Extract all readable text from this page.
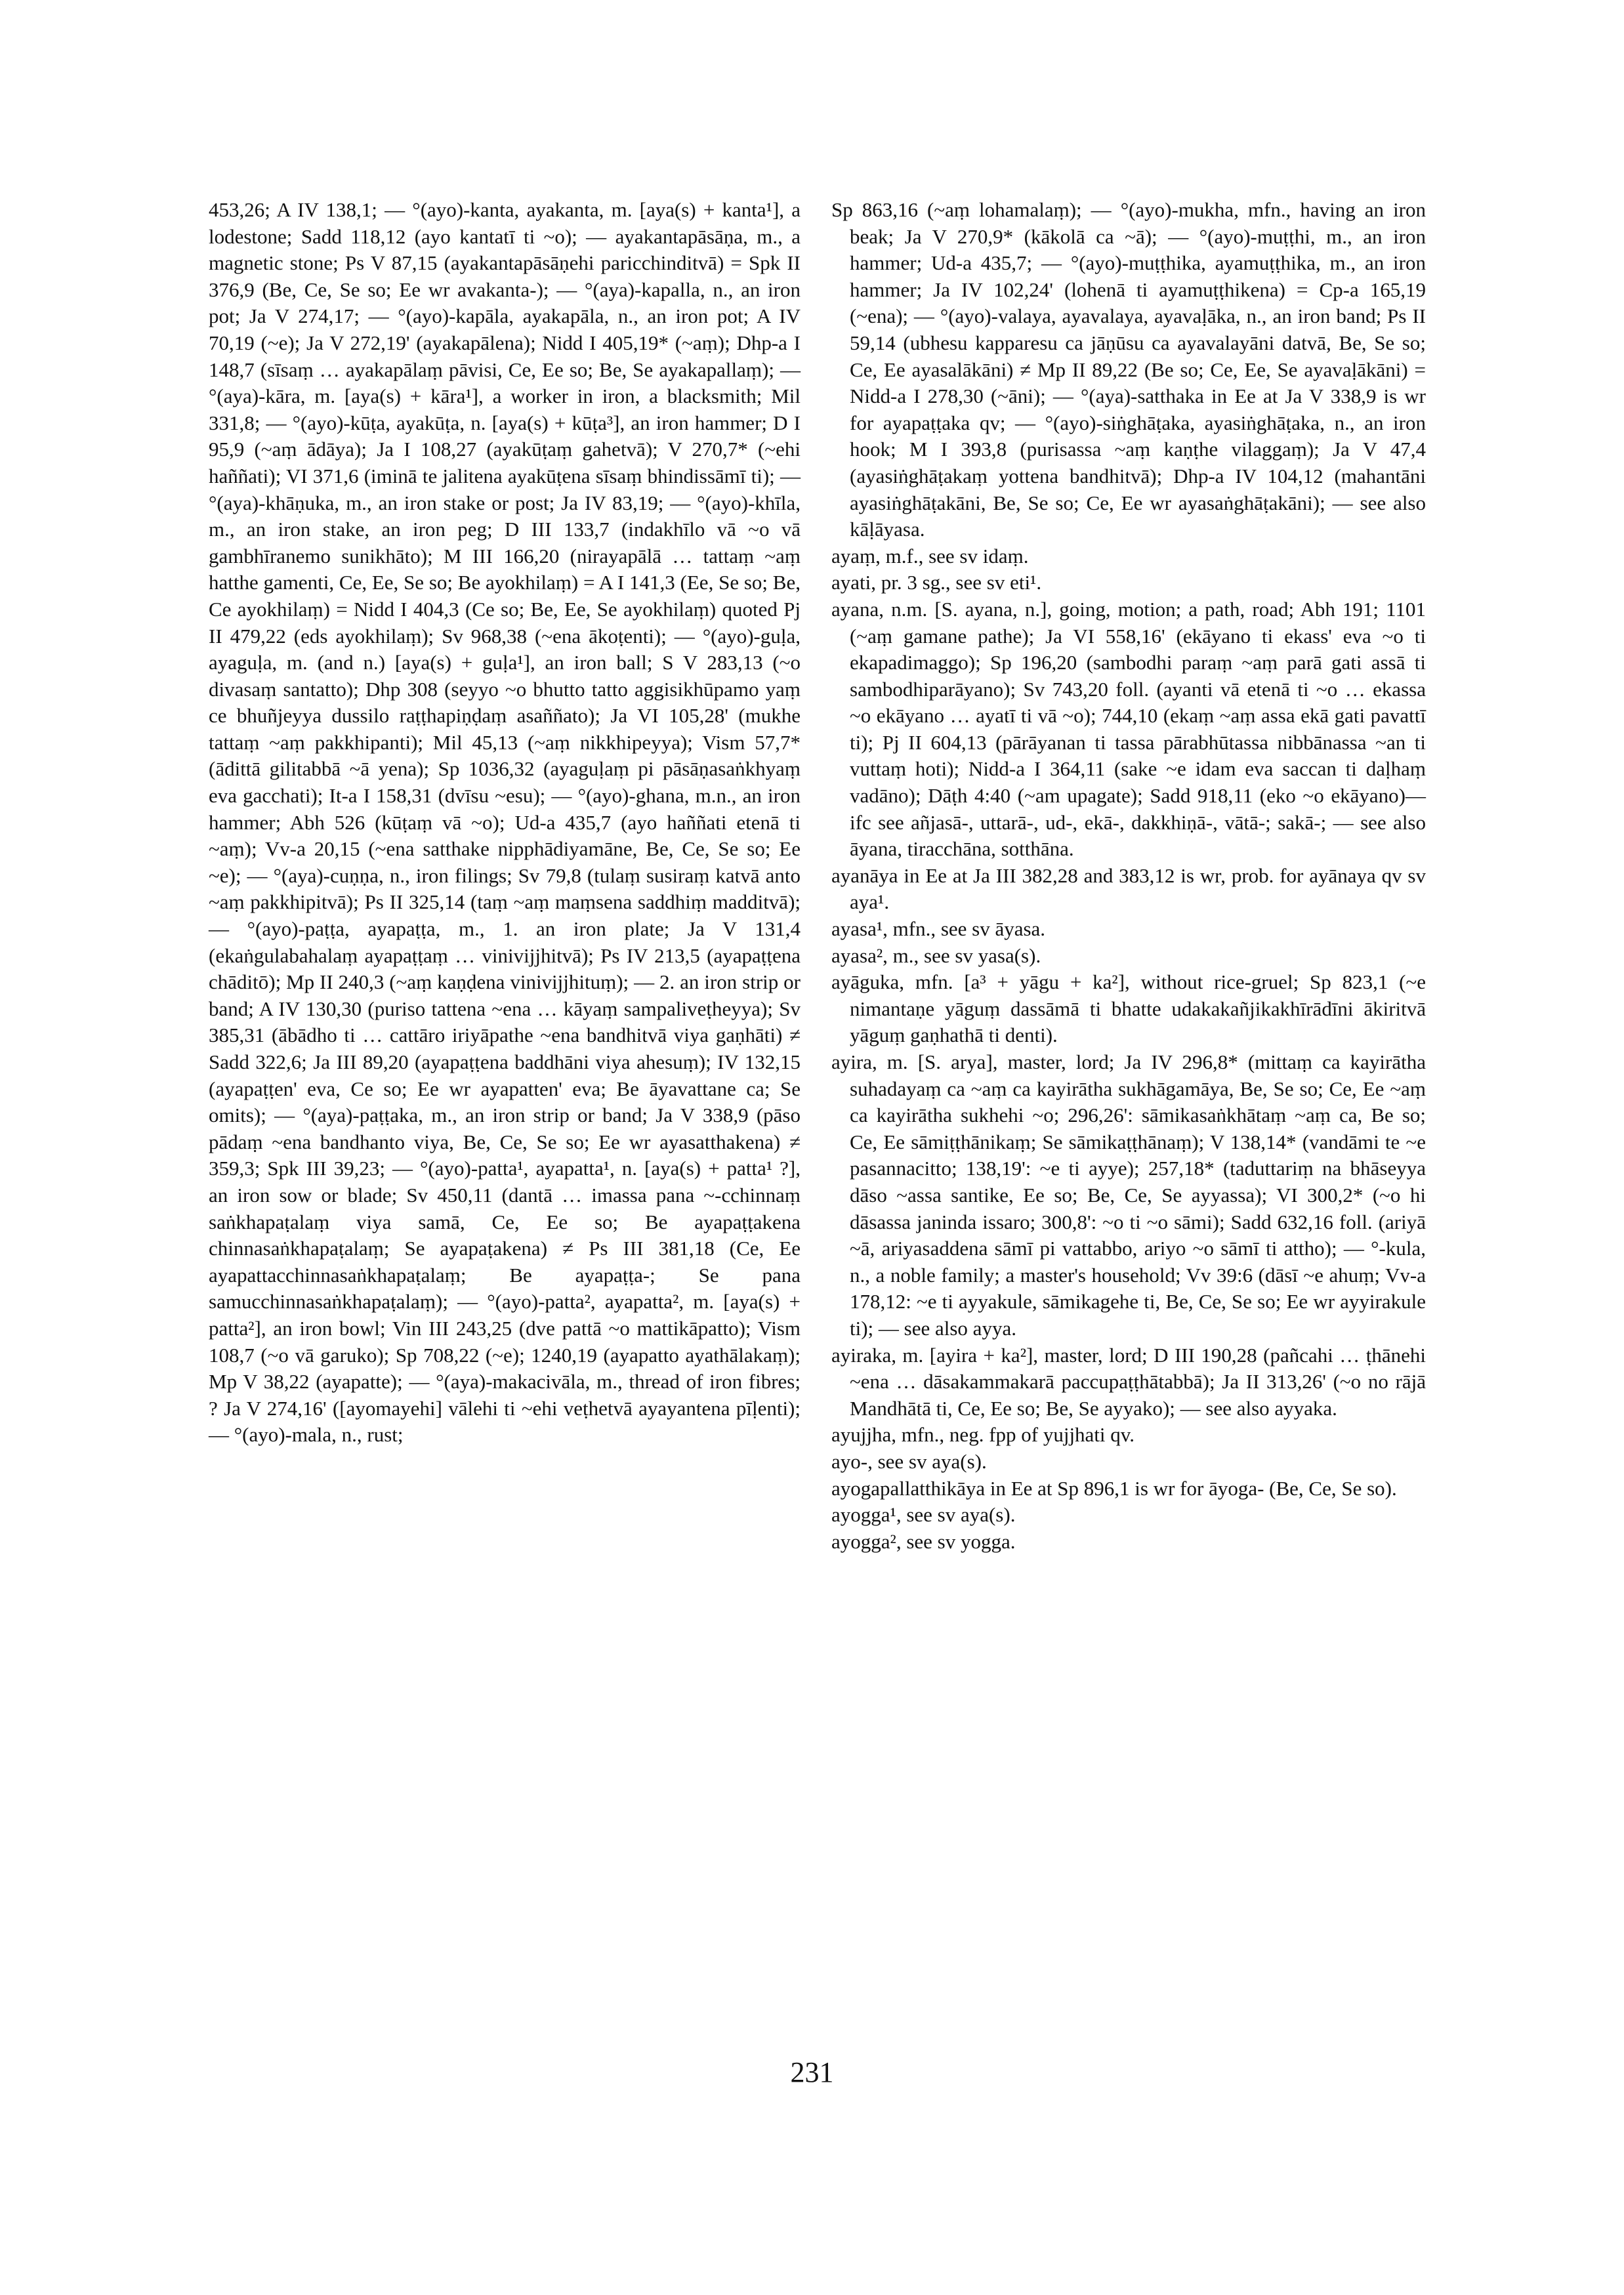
453,26; A IV 138,1; — °(ayo)-kanta, ayakanta, m. [aya(s) + kanta¹], a lodestone; Sadd 118,12 (ayo kantatī ti ~o); — ayakantapāsāṇa, m., a magnetic stone; Ps V 87,15 (ayakantapāsāṇehi paricchinditvā) = Spk II 376,9 (Be, Ce, Se so; Ee wr avakanta-); — °(aya)-kapalla, n., an iron pot; Ja V 274,17; — °(ayo)-kapāla, ayakapāla, n., an iron pot; A IV 70,19 (~e); Ja V 272,19' (ayakapālena); Nidd I 405,19* (~aṃ); Dhp-a I 148,7 (sīsaṃ … ayakapālaṃ pāvisi, Ce, Ee so; Be, Se ayakapallaṃ); — °(aya)-kāra, m. [aya(s) + kāra¹], a worker in iron, a blacksmith; Mil 331,8; — °(ayo)-kūṭa, ayakūṭa, n. [aya(s) + kūṭa³], an iron hammer; D I 95,9 (~aṃ ādāya); Ja I 108,27 (ayakūṭaṃ gahetvā); V 270,7* (~ehi haññati); VI 371,6 (iminā te jalitena ayakūṭena sīsaṃ bhindissāmī ti); — °(aya)-khāṇuka, m., an iron stake or post; Ja IV 83,19; — °(ayo)-khīla, m., an iron stake, an iron peg; D III 133,7 (indakhīlo vā ~o vā gambhīranemo sunikhāto); M III 166,20 (nirayapālā … tattaṃ ~aṃ hatthe gamenti, Ce, Ee, Se so; Be ayokhilaṃ) = A I 141,3 (Ee, Se so; Be, Ce ayokhilaṃ) = Nidd I 404,3 (Ce so; Be, Ee, Se ayokhilaṃ) quoted Pj II 479,22 (eds ayokhilaṃ); Sv 968,38 (~ena ākoṭenti); — °(ayo)-guḷa, ayaguḷa, m. (and n.) [aya(s) + guḷa¹], an iron ball; S V 283,13 (~o divasaṃ santatto); Dhp 308 (seyyo ~o bhutto tatto aggisikhūpamo yaṃ ce bhuñjeyya dussilo raṭṭhapiṇḍaṃ asaññato); Ja VI 105,28' (mukhe tattaṃ ~aṃ pakkhipanti); Mil 45,13 (~aṃ nikkhipeyya); Vism 57,7* (ādittā gilitabbā ~ā yena); Sp 1036,32 (ayaguḷaṃ pi pāsāṇasaṅkhyaṃ eva gacchati); It-a I 158,31 (dvīsu ~esu); — °(ayo)-ghana, m.n., an iron hammer; Abh 526 (kūṭaṃ vā ~o); Ud-a 435,7 (ayo haññati etenā ti ~aṃ); Vv-a 20,15 (~ena satthake nipphādiyamāne, Be, Ce, Se so; Ee ~e); — °(aya)-cuṇṇa, n., iron filings; Sv 79,8 (tulaṃ susiraṃ katvā anto ~aṃ pakkhipitvā); Ps II 325,14 (taṃ ~aṃ maṃsena saddhiṃ madditvā); — °(ayo)-paṭṭa, ayapaṭṭa, m., 1. an iron plate; Ja V 131,4 (ekaṅgulabahalaṃ ayapaṭṭaṃ … vinivijjhitvā); Ps IV 213,5 (ayapaṭṭena chāditō); Mp II 240,3 (~aṃ kaṇḍena vinivijjhituṃ); — 2. an iron strip or band; A IV 130,30 (puriso tattena ~ena … kāyaṃ sampaliveṭheyya); Sv 385,31 (ābādho ti … cattāro iriyāpathe ~ena bandhitvā viya gaṇhāti) ≠ Sadd 322,6; Ja III 89,20 (ayapaṭṭena baddhāni viya ahesuṃ); IV 132,15 (ayapaṭṭen' eva, Ce so; Ee wr ayapatten' eva; Be āyavattane ca; Se omits); — °(aya)-paṭṭaka, m., an iron strip or band; Ja V 338,9 (pāso pādaṃ ~ena bandhanto viya, Be, Ce, Se so; Ee wr ayasatthakena) ≠ 359,3; Spk III 39,23; — °(ayo)-patta¹, ayapatta¹, n. [aya(s) + patta¹ ?], an iron sow or blade; Sv 450,11 (dantā … imassa pana ~-cchinnaṃ saṅkhapaṭalaṃ viya samā, Ce, Ee so; Be ayapaṭṭakena chinnasaṅkhapaṭalaṃ; Se ayapaṭakena) ≠ Ps III 381,18 (Ce, Ee ayapattacchinnasaṅkhapaṭalaṃ; Be ayapaṭṭa-; Se pana samucchinnasaṅkhapaṭalaṃ); — °(ayo)-patta², ayapatta², m. [aya(s) + patta²], an iron bowl; Vin III 243,25 (dve pattā ~o mattikāpatto); Vism 108,7 (~o vā garuko); Sp 708,22 (~e); 1240,19 (ayapatto ayathālakaṃ); Mp V 38,22 (ayapatte); — °(aya)-makacivāla, m., thread of iron fibres; ? Ja V 274,16' ([ayomayehi] vālehi ti ~ehi veṭhetvā ayayantena pīḷenti); — °(ayo)-mala, n., rust;

Sp 863,16 (~aṃ lohamalaṃ); — °(ayo)-mukha, mfn., having an iron beak; Ja V 270,9* (kākolā ca ~ā); — °(ayo)-muṭṭhi, m., an iron hammer; Ud-a 435,7; — °(ayo)-muṭṭhika, ayamuṭṭhika, m., an iron hammer; Ja IV 102,24' (lohenā ti ayamuṭṭhikena) = Cp-a 165,19 (~ena); — °(ayo)-valaya, ayavalaya, ayavaḷāka, n., an iron band; Ps II 59,14 (ubhesu kapparesu ca jāṇūsu ca ayavalayāni datvā, Be, Se so; Ce, Ee ayasalākāni) ≠ Mp II 89,22 (Be so; Ce, Ee, Se ayavaḷākāni) = Nidd-a I 278,30 (~āni); — °(aya)-satthaka in Ee at Ja V 338,9 is wr for ayapaṭṭaka qv; — °(ayo)-siṅghāṭaka, ayasiṅghāṭaka, n., an iron hook; M I 393,8 (purisassa ~aṃ kaṇṭhe vilaggaṃ); Ja V 47,4 (ayasiṅghāṭakaṃ yottena bandhitvā); Dhp-a IV 104,12 (mahantāni ayasiṅghāṭakāni, Be, Se so; Ce, Ee wr ayasaṅghāṭakāni); — see also kāḷāyasa.

ayaṃ, m.f., see sv idaṃ.

ayati, pr. 3 sg., see sv eti¹.

ayana, n.m. [S. ayana, n.], going, motion; a path, road; Abh 191; 1101 (~aṃ gamane pathe); Ja VI 558,16' (ekāyano ti ekass' eva ~o ti ekapadimaggo); Sp 196,20 (sambodhi paraṃ ~aṃ parā gati assā ti sambodhiparāyano); Sv 743,20 foll. (ayanti vā etenā ti ~o … ekassa ~o ekāyano … ayatī ti vā ~o); 744,10 (ekaṃ ~aṃ assa ekā gati pavattī ti); Pj II 604,13 (pārāyanan ti tassa pārabhūtassa nibbānassa ~an ti vuttaṃ hoti); Nidd-a I 364,11 (sake ~e idam eva saccan ti daḷhaṃ vadāno); Dāṭh 4:40 (~am upagate); Sadd 918,11 (eko ~o ekāyano)— ifc see añjasā-, uttarā-, ud-, ekā-, dakkhiṇā-, vātā-; sakā-; — see also āyana, tiracchāna, sotthāna.

ayanāya in Ee at Ja III 382,28 and 383,12 is wr, prob. for ayānaya qv sv aya¹.

ayasa¹, mfn., see sv āyasa.

ayasa², m., see sv yasa(s).

ayāguka, mfn. [a³ + yāgu + ka²], without rice-gruel; Sp 823,1 (~e nimantaṇe yāguṃ dassāmā ti bhatte udakakañjikakhīrādīni ākiritvā yāguṃ gaṇhathā ti denti).

ayira, m. [S. arya], master, lord; Ja IV 296,8* (mittaṃ ca kayirātha suhadayaṃ ca ~aṃ ca kayirātha sukhāgamāya, Be, Se so; Ce, Ee ~aṃ ca kayirātha sukhehi ~o; 296,26': sāmikasaṅkhātaṃ ~aṃ ca, Be so; Ce, Ee sāmiṭṭhānikaṃ; Se sāmikaṭṭhānaṃ); V 138,14* (vandāmi te ~e pasannacitto; 138,19': ~e ti ayye); 257,18* (taduttariṃ na bhāseyya dāso ~assa santike, Ee so; Be, Ce, Se ayyassa); VI 300,2* (~o hi dāsassa janinda issaro; 300,8': ~o ti ~o sāmi); Sadd 632,16 foll. (ariyā ~ā, ariyasaddena sāmī pi vattabbo, ariyo ~o sāmī ti attho); — °-kula, n., a noble family; a master's household; Vv 39:6 (dāsī ~e ahuṃ; Vv-a 178,12: ~e ti ayyakule, sāmikagehe ti, Be, Ce, Se so; Ee wr ayyirakule ti); — see also ayya.

ayiraka, m. [ayira + ka²], master, lord; D III 190,28 (pañcahi … ṭhānehi ~ena … dāsakammakarā paccupaṭṭhātabbā); Ja II 313,26' (~o no rājā Mandhātā ti, Ce, Ee so; Be, Se ayyako); — see also ayyaka.

ayujjha, mfn., neg. fpp of yujjhati qv.

ayo-, see sv aya(s).

ayogapallatthikāya in Ee at Sp 896,1 is wr for āyoga- (Be, Ce, Se so).

ayogga¹, see sv aya(s).

ayogga², see sv yogga.

231
